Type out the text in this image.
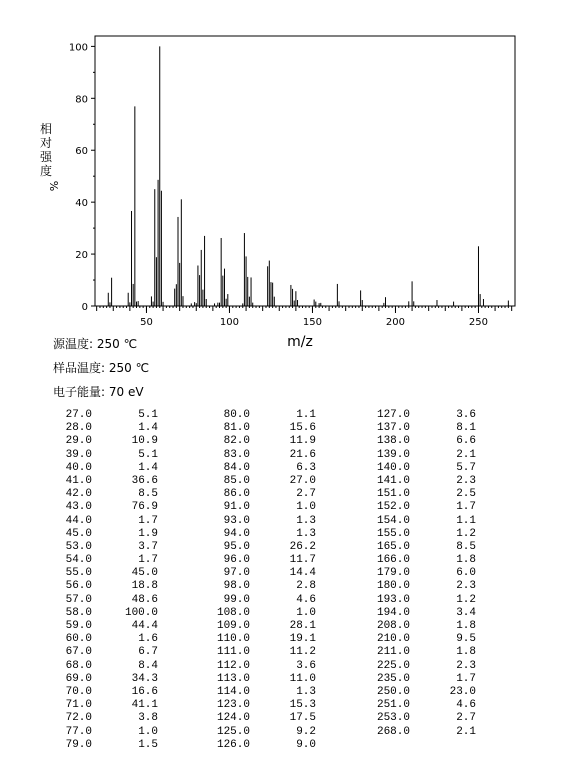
相
对
强
度
%
0
20
40
60
80
100
50	100	150	200	250
m/z
源温度: 250 ℃
样品温度: 250 ℃
电子能量: 70 eV
27.0	5.1
28.0	1.4
29.0	10.9
39.0	5.1
40.0	1.4
41.0	36.6
42.0	8.5
43.0	76.9
44.0	1.7
45.0	1.9
53.0	3.7
54.0	1.7
55.0	45.0
56.0	18.8
57.0	48.6
58.0	100.0
59.0	44.4
60.0	1.6
67.0	6.7
68.0	8.4
69.0	34.3
70.0	16.6
71.0	41.1
72.0	3.8
77.0	1.0
79.0	1.5
80.0	1.1
81.0	15.6
82.0	11.9
83.0	21.6
84.0	6.3
85.0	27.0
86.0	2.7
91.0	1.0
93.0	1.3
94.0	1.3
95.0	26.2
96.0	11.7
97.0	14.4
98.0	2.8
99.0	4.6
108.0	1.0
109.0	28.1
110.0	19.1
111.0	11.2
112.0	3.6
113.0	11.0
114.0	1.3
123.0	15.3
124.0	17.5
125.0	9.2
126.0	9.0
127.0	3.6
137.0	8.1
138.0	6.6
139.0	2.1
140.0	5.7
141.0	2.3
151.0	2.5
152.0	1.7
154.0	1.1
155.0	1.2
165.0	8.5
166.0	1.8
179.0	6.0
180.0	2.3
193.0	1.2
194.0	3.4
208.0	1.8
210.0	9.5
211.0	1.8
225.0	2.3
235.0	1.7
250.0	23.0
251.0	4.6
253.0	2.7
268.0	2.1
